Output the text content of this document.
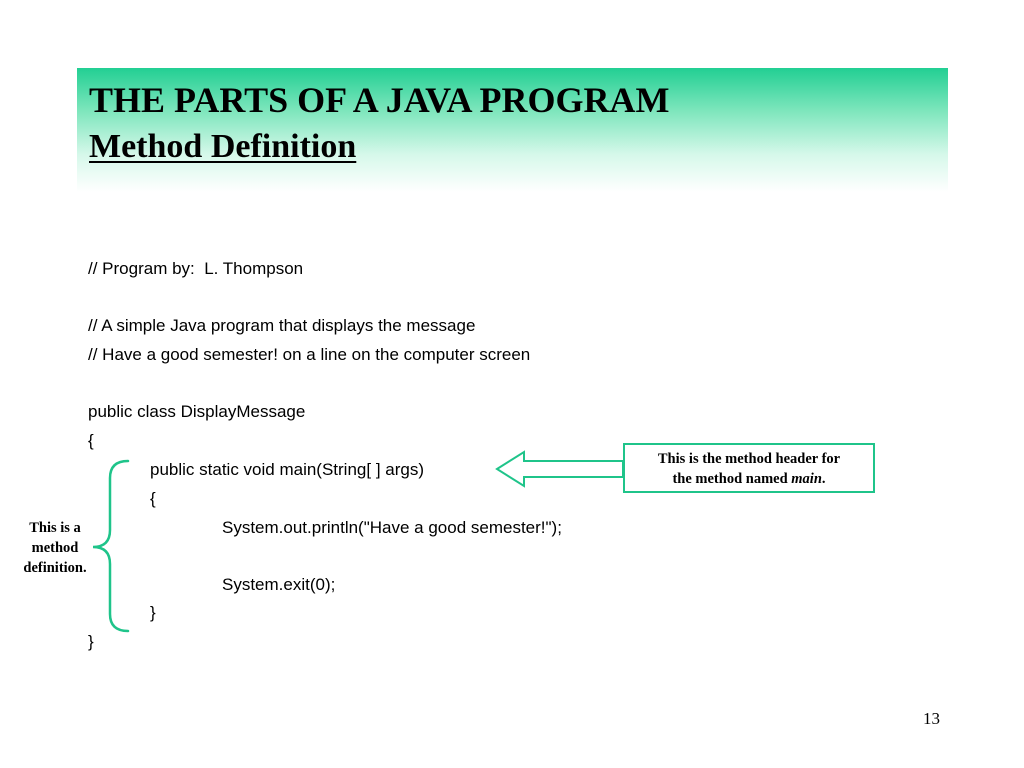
THE PARTS OF A JAVA PROGRAM
Method Definition

// Program by:  L. Thompson

// A simple Java program that displays the message

// Have a good semester! on a line on the computer screen

public class DisplayMessage

{

public static void main(String[ ] args)

{

System.out.println("Have a good semester!");

System.exit(0);

}

}

This is the method header for
the method named main.
This is a
method
definition.
13
